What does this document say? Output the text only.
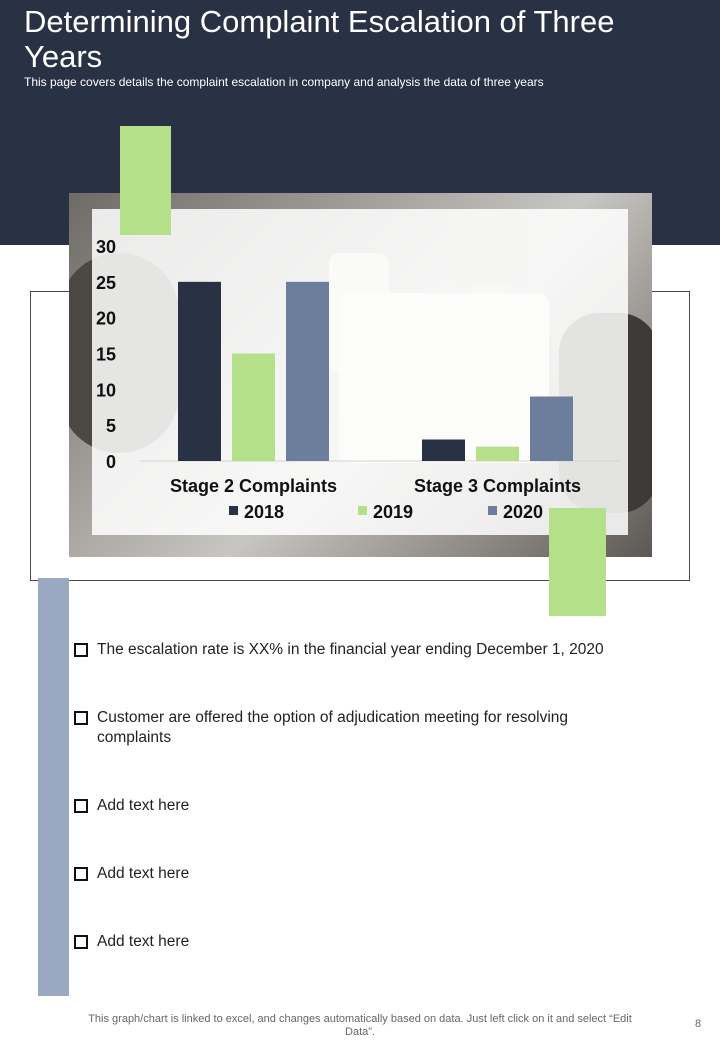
Determining Complaint Escalation of Three Years

This page covers details the complaint escalation in company and analysis the data of three years

0
5
10
15
20
25
30
Stage 2 Complaints	Stage 3 Complaints
2018	2019	2020
The escalation rate is XX% in the financial year ending December 1, 2020
Customer are offered the option of adjudication meeting for resolving complaints
Add text here
Add text here
Add text here
This graph/chart is linked to excel, and changes automatically based on data. Just left click on it and select “Edit Data”.
8
